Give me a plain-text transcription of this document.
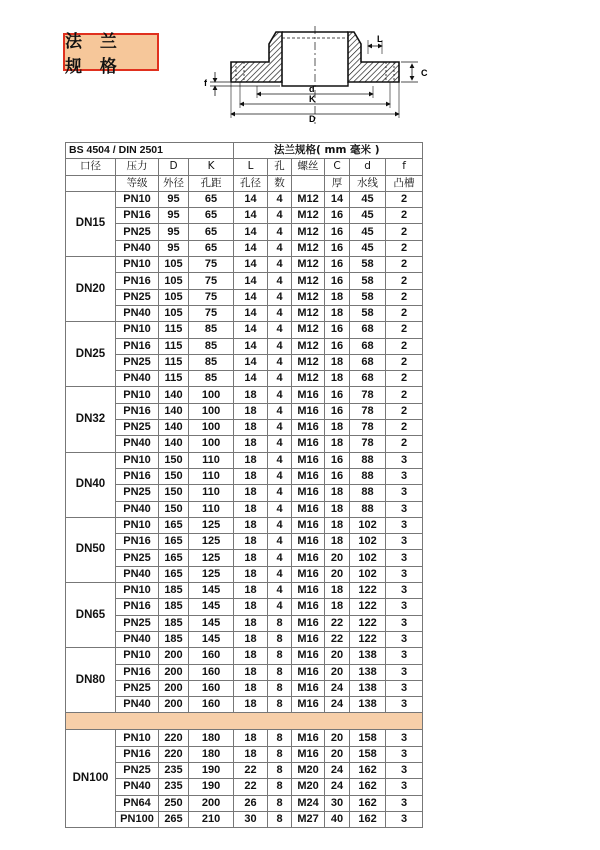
法 兰 规 格
f
C
L
d
K
D
BS 4504 / DIN 2501				法兰规格( mm 毫米 )					
口径	压力	D	K	L	孔	螺丝	C	d	f
	等级	外径	孔距	孔径	数		厚	水线	凸槽
DN15	PN10	95	65	14	4	M12	14	45	2
	PN16	95	65	14	4	M12	16	45	2
	PN25	95	65	14	4	M12	16	45	2
	PN40	95	65	14	4	M12	16	45	2
DN20	PN10	105	75	14	4	M12	16	58	2
	PN16	105	75	14	4	M12	16	58	2
	PN25	105	75	14	4	M12	18	58	2
	PN40	105	75	14	4	M12	18	58	2
DN25	PN10	115	85	14	4	M12	16	68	2
	PN16	115	85	14	4	M12	16	68	2
	PN25	115	85	14	4	M12	18	68	2
	PN40	115	85	14	4	M12	18	68	2
DN32	PN10	140	100	18	4	M16	16	78	2
	PN16	140	100	18	4	M16	16	78	2
	PN25	140	100	18	4	M16	18	78	2
	PN40	140	100	18	4	M16	18	78	2
DN40	PN10	150	110	18	4	M16	16	88	3
	PN16	150	110	18	4	M16	16	88	3
	PN25	150	110	18	4	M16	18	88	3
	PN40	150	110	18	4	M16	18	88	3
DN50	PN10	165	125	18	4	M16	18	102	3
	PN16	165	125	18	4	M16	18	102	3
	PN25	165	125	18	4	M16	20	102	3
	PN40	165	125	18	4	M16	20	102	3
DN65	PN10	185	145	18	4	M16	18	122	3
	PN16	185	145	18	4	M16	18	122	3
	PN25	185	145	18	8	M16	22	122	3
	PN40	185	145	18	8	M16	22	122	3
DN80	PN10	200	160	18	8	M16	20	138	3
	PN16	200	160	18	8	M16	20	138	3
	PN25	200	160	18	8	M16	24	138	3
	PN40	200	160	18	8	M16	24	138	3

DN100	PN10	220	180	18	8	M16	20	158	3
	PN16	220	180	18	8	M16	20	158	3
	PN25	235	190	22	8	M20	24	162	3
	PN40	235	190	22	8	M20	24	162	3
	PN64	250	200	26	8	M24	30	162	3
	PN100	265	210	30	8	M27	40	162	3
